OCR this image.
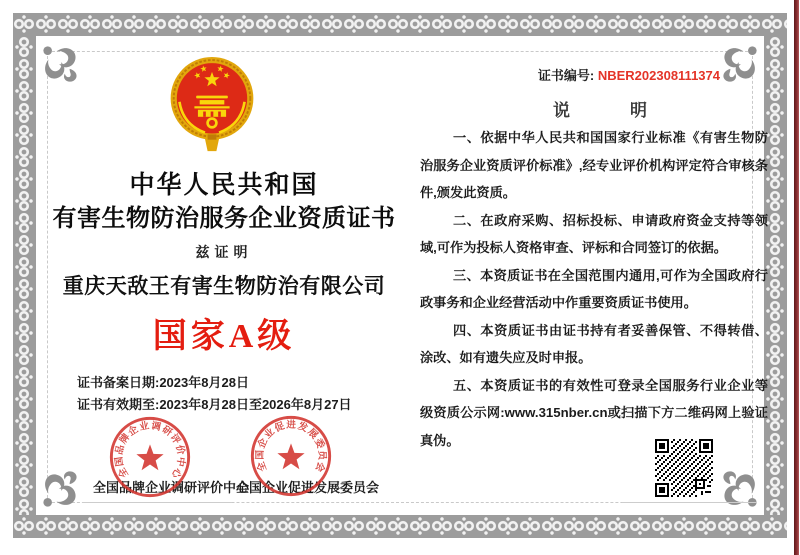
中华人民共和国
有害生物防治服务企业资质证书
兹证明
重庆天敌王有害生物防治有限公司
国家A级
证书备案日期:2023年8月28日
证书有效期至:2023年8月28日至2026年8月27日
证书编号: NBER202308111374
说明

一、依据中华人民共和国国家行业标准《有害生物防治服务企业资质评价标准》,经专业评价机构评定符合审核条件,颁发此资质。

二、在政府采购、招标投标、申请政府资金支持等领域,可作为投标人资格审查、评标和合同签订的依据。

三、本资质证书在全国范围内通用,可作为全国政府行政事务和企业经营活动中作重要资质证书使用。

四、本资质证书由证书持有者妥善保管、不得转借、涂改、如有遗失应及时申报。

五、本资质证书的有效性可登录全国服务行业企业等级资质公示网:www.315nber.cn或扫描下方二维码网上验证真伪。

全国品牌企业调研评价中心
全国企业促进发展委员会
全国品牌企业调研评价中心	全国企业促进发展委员会
